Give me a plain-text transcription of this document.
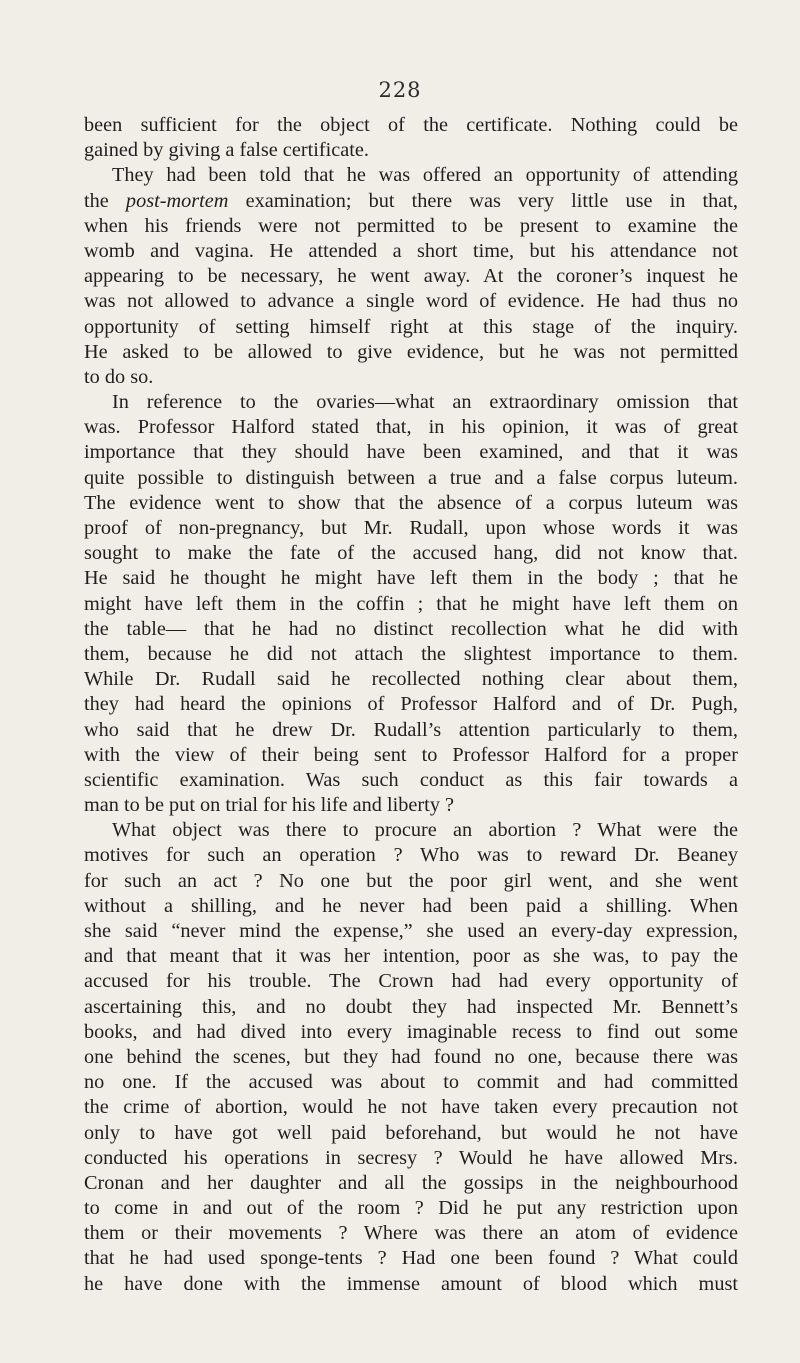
228
been sufficient for the object of the certificate. Nothing could be
gained by giving a false certificate.
They had been told that he was offered an opportunity of attending
the post-mortem examination; but there was very little use in that,
when his friends were not permitted to be present to examine the
womb and vagina. He attended a short time, but his attendance not
appearing to be necessary, he went away. At the coroner’s inquest he
was not allowed to advance a single word of evidence. He had thus no
opportunity of setting himself right at this stage of the inquiry.
He asked to be allowed to give evidence, but he was not permitted
to do so.
In reference to the ovaries—what an extraordinary omission that
was. Professor Halford stated that, in his opinion, it was of great
importance that they should have been examined, and that it was
quite possible to distinguish between a true and a false corpus luteum.
The evidence went to show that the absence of a corpus luteum was
proof of non-pregnancy, but Mr. Rudall, upon whose words it was
sought to make the fate of the accused hang, did not know that.
He said he thought he might have left them in the body ; that he
might have left them in the coffin ; that he might have left them on
the table— that he had no distinct recollection what he did with
them, because he did not attach the slightest importance to them.
While Dr. Rudall said he recollected nothing clear about them,
they had heard the opinions of Professor Halford and of Dr. Pugh,
who said that he drew Dr. Rudall’s attention particularly to them,
with the view of their being sent to Professor Halford for a proper
scientific examination. Was such conduct as this fair towards a
man to be put on trial for his life and liberty ?
What object was there to procure an abortion ? What were the
motives for such an operation ? Who was to reward Dr. Beaney
for such an act ? No one but the poor girl went, and she went
without a shilling, and he never had been paid a shilling. When
she said “never mind the expense,” she used an every-day expression,
and that meant that it was her intention, poor as she was, to pay the
accused for his trouble. The Crown had had every opportunity of
ascertaining this, and no doubt they had inspected Mr. Bennett’s
books, and had dived into every imaginable recess to find out some
one behind the scenes, but they had found no one, because there was
no one. If the accused was about to commit and had committed
the crime of abortion, would he not have taken every precaution not
only to have got well paid beforehand, but would he not have
conducted his operations in secresy ? Would he have allowed Mrs.
Cronan and her daughter and all the gossips in the neighbourhood
to come in and out of the room ? Did he put any restriction upon
them or their movements ? Where was there an atom of evidence
that he had used sponge-tents ? Had one been found ? What could
he have done with the immense amount of blood which must
